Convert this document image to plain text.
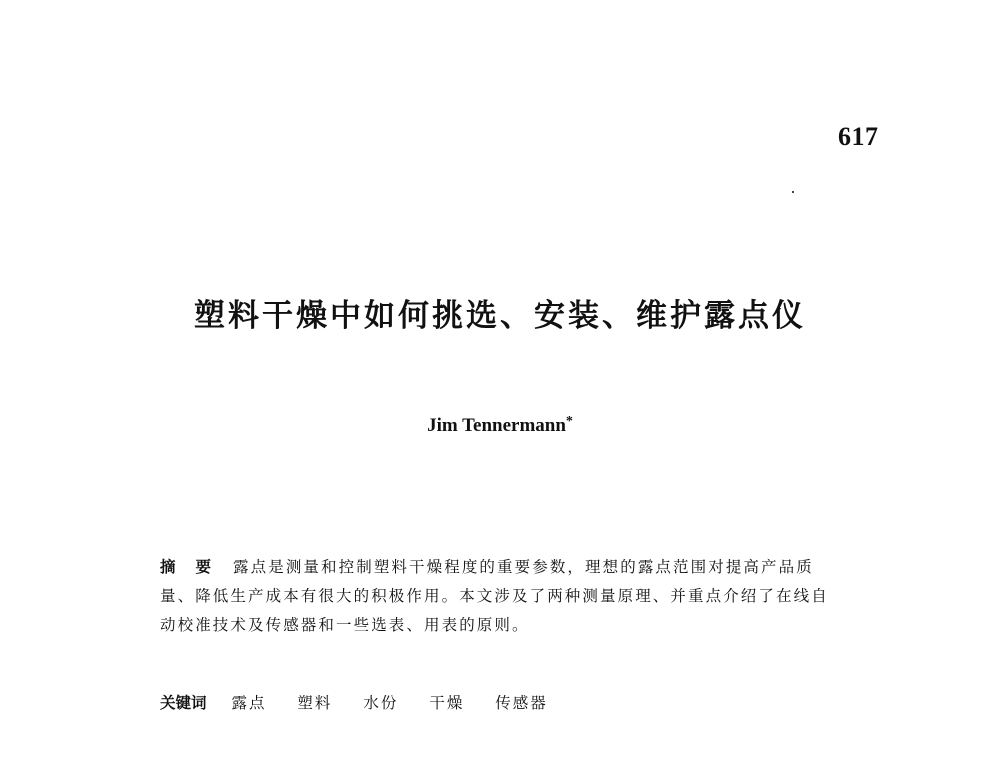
617
塑料干燥中如何挑选、安装、维护露点仪
Jim Tennermann*

摘 要 露点是测量和控制塑料干燥程度的重要参数，理想的露点范围对提高产品质量、降低生产成本有很大的积极作用。本文涉及了两种测量原理、并重点介绍了在线自动校准技术及传感器和一些选表、用表的原则。

关键词 露点 塑料 水份 干燥 传感器
